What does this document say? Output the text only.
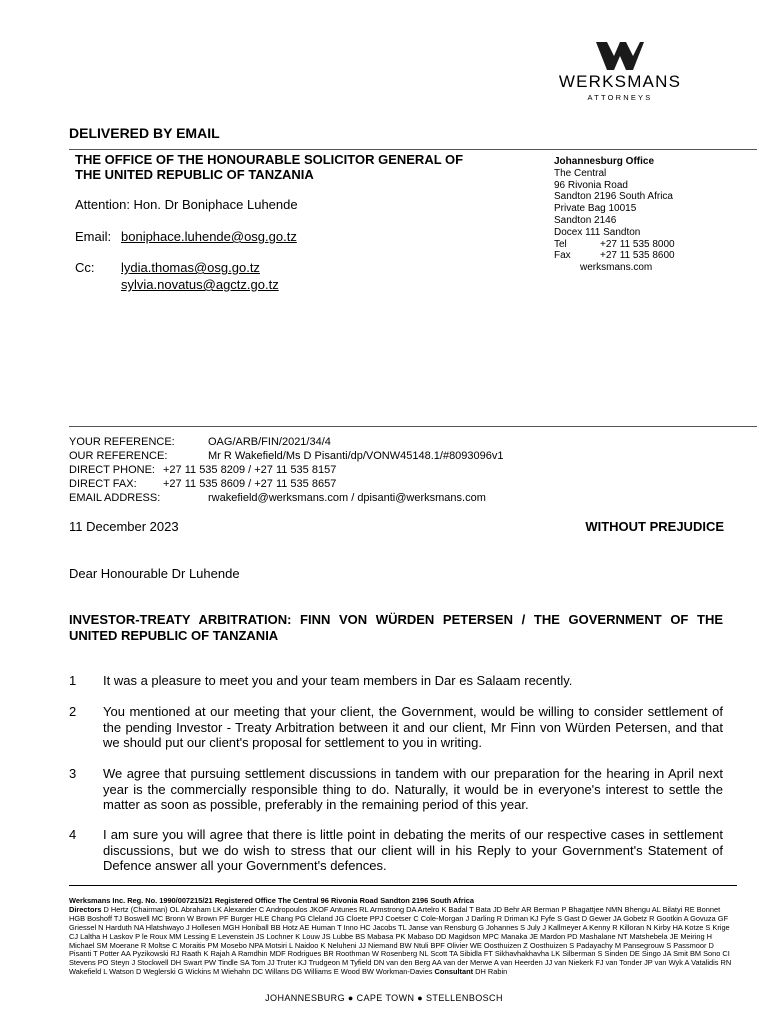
WERKSMANS
ATTORNEYS
DELIVERED BY EMAIL
THE OFFICE OF THE HONOURABLE SOLICITOR GENERAL OF
THE UNITED REPUBLIC OF TANZANIA
Attention: Hon. Dr Boniphace Luhende
Email: boniphace.luhende@osg.go.tz
Cc: lydia.thomas@osg.go.tz
sylvia.novatus@agctz.go.tz
Johannesburg Office
The Central
96 Rivonia Road
Sandton 2196 South Africa
Private Bag 10015
Sandton 2146
Docex 111 Sandton
Tel	+27 11 535 8000
Fax	+27 11 535 8600
werksmans.com
YOUR REFERENCE:	OAG/ARB/FIN/2021/34/4
OUR REFERENCE:	Mr R Wakefield/Ms D Pisanti/dp/VONW45148.1/#8093096v1
DIRECT PHONE: +27 11 535 8209 / +27 11 535 8157
DIRECT FAX: +27 11 535 8609 / +27 11 535 8657
EMAIL ADDRESS:	rwakefield@werksmans.com / dpisanti@werksmans.com
11 December 2023	WITHOUT PREJUDICE
Dear Honourable Dr Luhende
INVESTOR-TREATY ARBITRATION: FINN VON WÜRDEN PETERSEN / THE GOVERNMENT OF THE UNITED REPUBLIC OF TANZANIA
1 It was a pleasure to meet you and your team members in Dar es Salaam recently.
2 You mentioned at our meeting that your client, the Government, would be willing to consider settlement of the pending Investor - Treaty Arbitration between it and our client, Mr Finn von Würden Petersen, and that we should put our client's proposal for settlement to you in writing.
3 We agree that pursuing settlement discussions in tandem with our preparation for the hearing in April next year is the commercially responsible thing to do. Naturally, it would be in everyone's interest to settle the matter as soon as possible, preferably in the remaining period of this year.
4 I am sure you will agree that there is little point in debating the merits of our respective cases in settlement discussions, but we do wish to stress that our client will in his Reply to your Government's Statement of Defence answer all your Government's defences.
Werksmans Inc. Reg. No. 1990/007215/21 Registered Office The Central 96 Rivonia Road Sandton 2196 South Africa
Directors D Hertz (Chairman) OL Abraham LK Alexander C Andropoulos JKOF Antunes RL Armstrong DA Artelro K Badal T Bata JD Behr AR Berman P Bhagattjee NMN Bhengu AL Bilatyi RE Bonnet HGB Boshoff TJ Boswell MC Bronn W Brown PF Burger HLE Chang PG Cleland JG Cloete PPJ Coetser C Cole-Morgan J Darling R Driman KJ Fyfe S Gast D Gewer JA Gobetz R Gootkin A Govuza GF Griessel N Harduth NA Hlatshwayo J Hollesen MGH Honiball BB Hotz AE Human T Inno HC Jacobs TL Janse van Rensburg G Johannes S July J Kallmeyer A Kenny R Killoran N Kirby HA Kotze S Krige CJ Laltha H Laskov P le Roux MM Lessing E Levenstein JS Lochner K Louw JS Lubbe BS Mabasa PK Mabaso DD Magidson MPC Manaka JE Mardon PD Mashalane NT Matshebela JE Meiring H Michael SM Moerane R Moltse C Moraitis PM Mosebo NPA Motsiri L Naidoo K Neluheni JJ Niemand BW Ntuli BPF Olivier WE Oosthuizen Z Oosthuizen S Padayachy M Pansegrouw S Passmoor D Pisanti T Potter AA Pyzikowski RJ Raath K Rajah A Ramdhin MDF Rodrigues BR Roothman W Rosenberg NL Scott TA Sibidla FT Sikhavhakhavha LK Silberman S Sinden DE Singo JA Smit BM Sono CI Stevens PO Steyn J Stockwell DH Swart PW Tindle SA Tom JJ Truter KJ Trudgeon M Tyfield DN van den Berg AA van der Merwe A van Heerden JJ van Niekerk FJ van Tonder JP van Wyk A Vatalidis RN Wakefield L Watson D Weglerski G Wickins M Wiehahn DC Willans DG Williams E Wood BW Workman-Davies Consultant DH Rabin
JOHANNESBURG ● CAPE TOWN ● STELLENBOSCH
